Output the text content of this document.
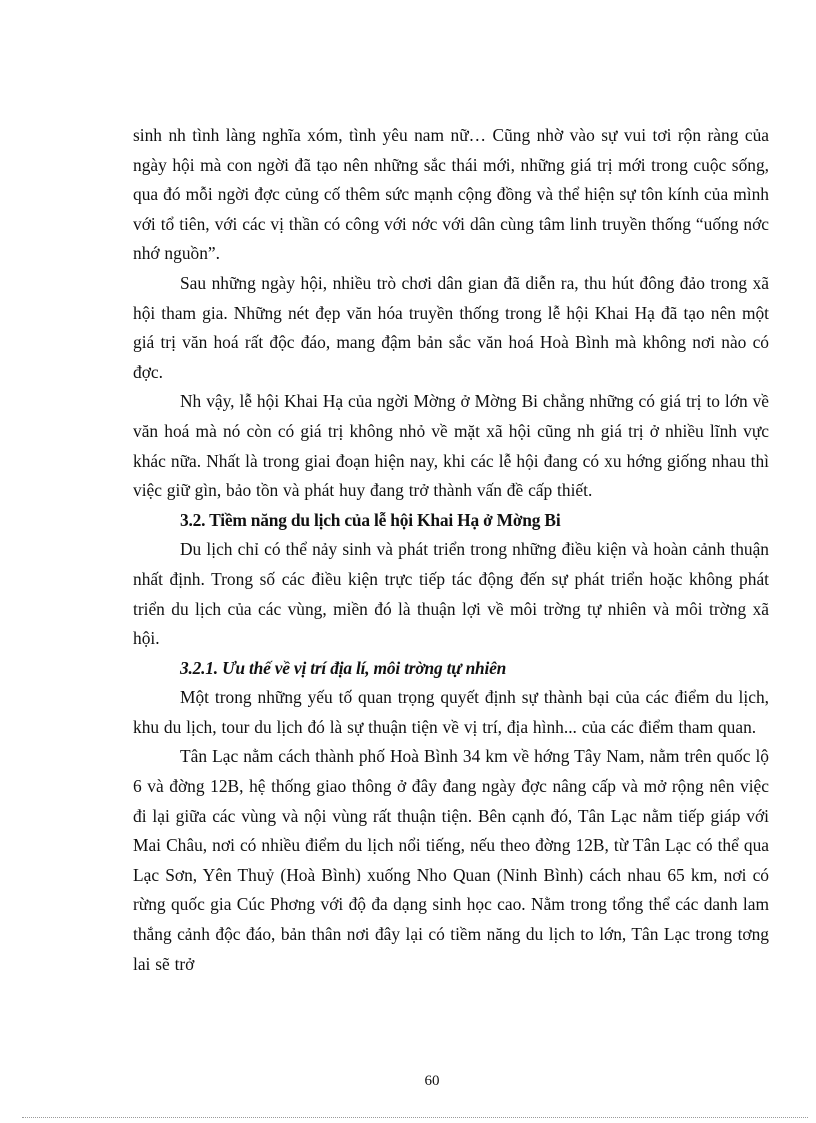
sinh nh tình làng nghĩa xóm, tình yêu nam nữ… Cũng nhờ vào sự vui tơi rộn ràng của ngày hội mà con ngời đã tạo nên những sắc thái mới, những giá trị mới trong cuộc sống, qua đó mỗi ngời đợc củng cố thêm sức mạnh cộng đồng và thể hiện sự tôn kính của mình với tổ tiên, với các vị thần có công với nớc với dân cùng tâm linh truyền thống “uống nớc nhớ nguồn”.

Sau những ngày hội, nhiều trò chơi dân gian đã diễn ra, thu hút đông đảo trong xã hội tham gia. Những nét đẹp văn hóa truyền thống trong lễ hội Khai Hạ đã tạo nên một giá trị văn hoá rất độc đáo, mang đậm bản sắc văn hoá Hoà Bình mà không nơi nào có đợc.

Nh vậy, lễ hội Khai Hạ của ngời Mờng ở Mờng Bi chẳng những có giá trị to lớn về văn hoá mà nó còn có giá trị không nhỏ về mặt xã hội cũng nh giá trị ở nhiều lĩnh vực khác nữa. Nhất là trong giai đoạn hiện nay, khi các lễ hội đang có xu hớng giống nhau thì việc giữ gìn, bảo tồn và phát huy đang trở thành vấn đề cấp thiết.

3.2. Tiềm năng du lịch của lễ hội Khai Hạ ở Mờng Bi

Du lịch chỉ có thể nảy sinh và phát triển trong những điều kiện và hoàn cảnh thuận nhất định. Trong số các điều kiện trực tiếp tác động đến sự phát triển hoặc không phát triển du lịch của các vùng, miền đó là thuận lợi về môi trờng tự nhiên và môi trờng xã hội.

3.2.1. Ưu thế về vị trí địa lí, môi trờng tự nhiên

Một trong những yếu tố quan trọng quyết định sự thành bại của các điểm du lịch, khu du lịch, tour du lịch đó là sự thuận tiện về vị trí, địa hình... của các điểm tham quan.

Tân Lạc nằm cách thành phố Hoà Bình 34 km về hớng Tây Nam, nằm trên quốc lộ 6 và đờng 12B, hệ thống giao thông ở đây đang ngày đợc nâng cấp và mở rộng nên việc đi lại giữa các vùng và nội vùng rất thuận tiện. Bên cạnh đó, Tân Lạc nằm tiếp giáp với Mai Châu, nơi có nhiều điểm du lịch nổi tiếng, nếu theo đờng 12B, từ Tân Lạc có thể qua Lạc Sơn, Yên Thuỷ (Hoà Bình) xuống Nho Quan (Ninh Bình) cách nhau 65 km, nơi có rừng quốc gia Cúc Phơng với độ đa dạng sinh học cao. Nằm trong tổng thể các danh lam thắng cảnh độc đáo, bản thân nơi đây lại có tiềm năng du lịch to lớn, Tân Lạc trong tơng lai sẽ trở

60
